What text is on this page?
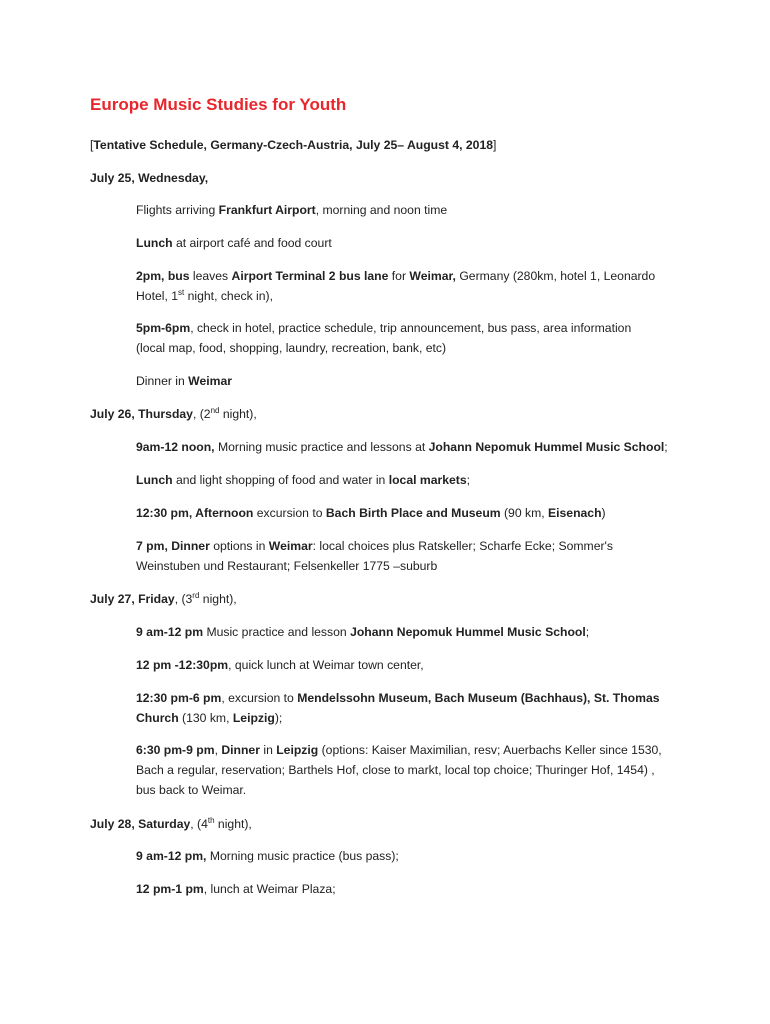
Europe Music Studies for Youth
[Tentative Schedule, Germany-Czech-Austria, July 25– August 4, 2018]
July 25, Wednesday,
Flights arriving Frankfurt Airport, morning and noon time
Lunch at airport café and food court
2pm, bus leaves Airport Terminal 2 bus lane for Weimar, Germany (280km, hotel 1, Leonardo
Hotel, 1st night, check in),
5pm-6pm, check in hotel, practice schedule, trip announcement, bus pass, area information
(local map, food, shopping, laundry, recreation, bank, etc)
Dinner in Weimar
July 26, Thursday, (2nd night),
9am-12 noon, Morning music practice and lessons at Johann Nepomuk Hummel Music School;
Lunch and light shopping of food and water in local markets;
12:30 pm, Afternoon excursion to Bach Birth Place and Museum (90 km, Eisenach)
7 pm, Dinner options in Weimar: local choices plus Ratskeller; Scharfe Ecke; Sommer's
Weinstuben und Restaurant; Felsenkeller 1775 –suburb
July 27, Friday, (3rd night),
9 am-12 pm Music practice and lesson Johann Nepomuk Hummel Music School;
12 pm -12:30pm, quick lunch at Weimar town center,
12:30 pm-6 pm, excursion to Mendelssohn Museum, Bach Museum (Bachhaus), St. Thomas
Church (130 km, Leipzig);
6:30 pm-9 pm, Dinner in Leipzig (options: Kaiser Maximilian, resv; Auerbachs Keller since 1530,
Bach a regular, reservation; Barthels Hof, close to markt, local top choice; Thuringer Hof, 1454) ,
bus back to Weimar.
July 28, Saturday, (4th night),
9 am-12 pm, Morning music practice (bus pass);
12 pm-1 pm, lunch at Weimar Plaza;
